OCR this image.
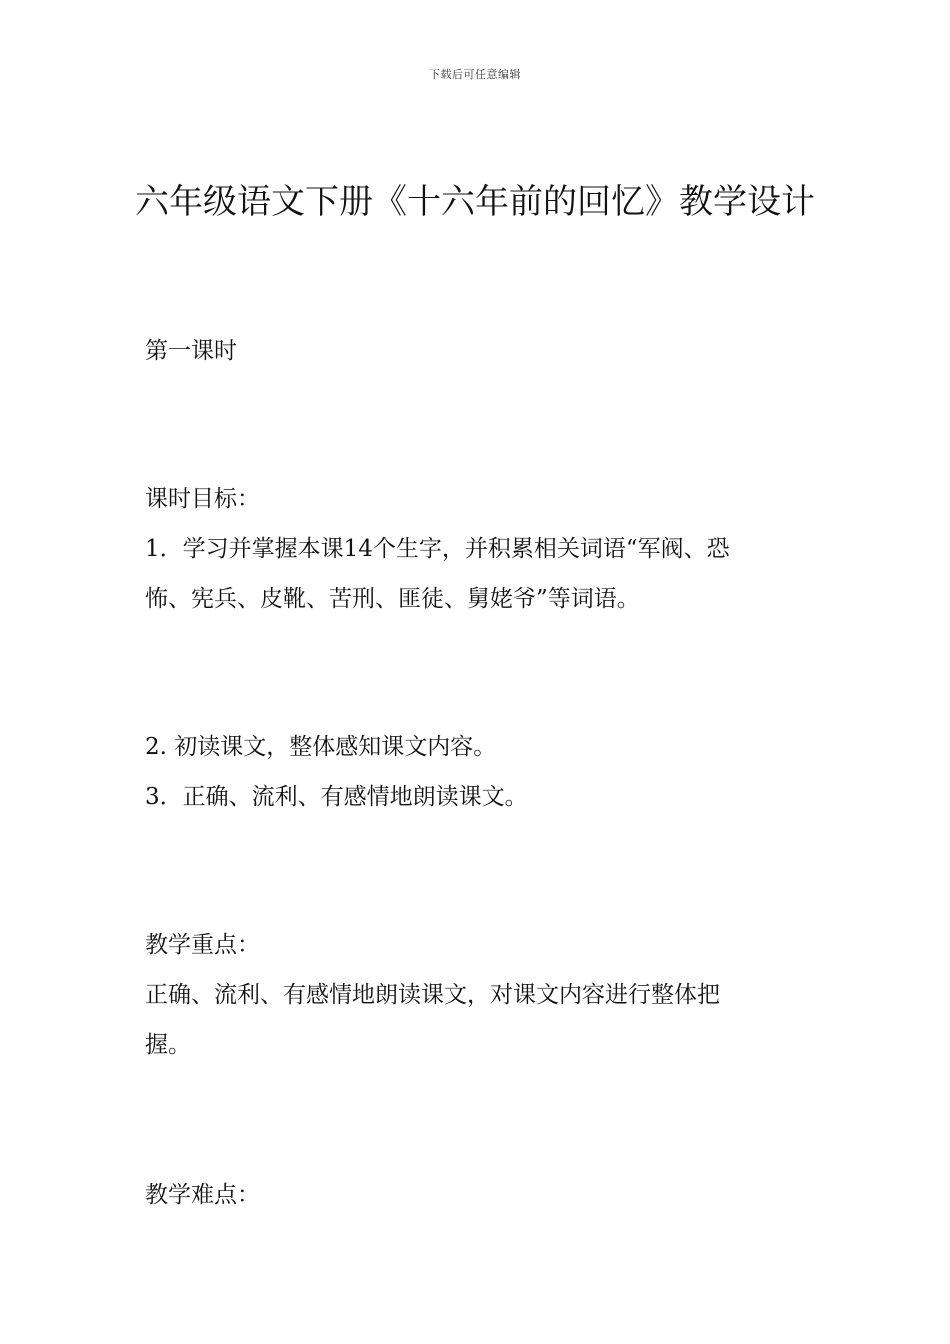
下载后可任意编辑
六年级语文下册《十六年前的回忆》教学设计
第一课时
课时目标：
1．学习并掌握本课14个生字，并积累相关词语“军阀、恐
怖、宪兵、皮靴、苦刑、匪徒、舅姥爷”等词语。
2. 初读课文，整体感知课文内容。
3．正确、流利、有感情地朗读课文。
教学重点：
正确、流利、有感情地朗读课文，对课文内容进行整体把
握。
教学难点：
